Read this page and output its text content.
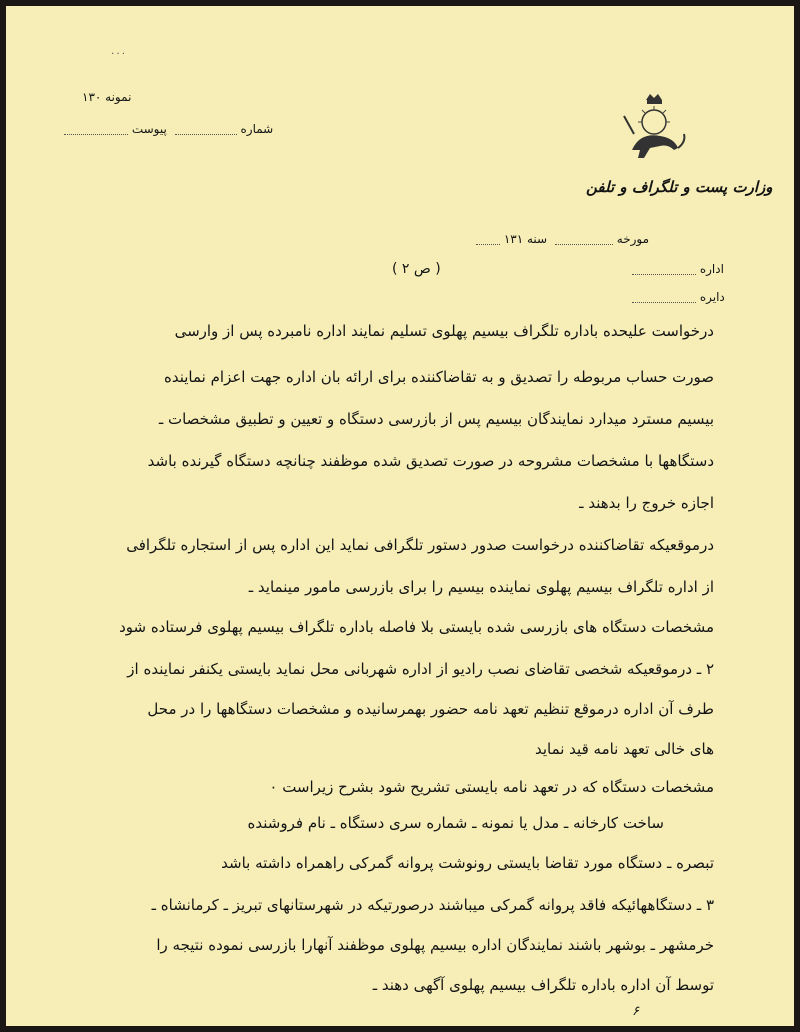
۰۰۰
نمونه ۱۳۰
شماره  پیوست
وزارت پست و تلگراف و تلفن
مورخه  سنه ۱۳۱
اداره
دایره
( ص ۲ )
درخواست علیحده باداره تلگراف بیسیم پهلوی تسلیم نمایند اداره نامبرده پس از وارسی
صورت حساب مربوطه را تصدیق و به تقاضاکننده برای ارائه بان اداره جهت اعزام نماینده
بیسیم مسترد میدارد نمایندگان بیسیم پس از بازرسی دستگاه و تعیین و تطبیق مشخصات ـ
دستگاهها با مشخصات مشروحه در صورت تصدیق شده موظفند چنانچه دستگاه گیرنده باشد
اجازه خروج را بدهند ـ
درموقعیکه تقاضاکننده درخواست صدور دستور تلگرافی نماید این اداره پس از استجاره تلگرافی
از اداره تلگراف بیسیم پهلوی نماینده بیسیم را برای بازرسی مامور مینماید ـ
مشخصات دستگاه های بازرسی شده بایستی بلا فاصله باداره تلگراف بیسیم پهلوی فرستاده شود
۲ ـ درموقعیکه شخصی تقاضای نصب رادیو از اداره شهربانی محل نماید بایستی یکنفر نماینده از
طرف آن اداره درموقع تنظیم تعهد نامه حضور بهمرسانیده و مشخصات دستگاهها را در محل
های خالی تعهد نامه قید نماید
مشخصات دستگاه که در تعهد نامه بایستی تشریح شود بشرح زیراست ۰
ساخت کارخانه ـ مدل یا نمونه ـ شماره سری دستگاه ـ نام فروشنده
تبصره ـ دستگاه مورد تقاضا بایستی رونوشت پروانه گمرکی راهمراه داشته باشد
۳ ـ دستگاههائیکه فاقد پروانه گمرکی میباشند درصورتیکه در شهرستانهای تبریز ـ کرمانشاه ـ
خرمشهر ـ بوشهر باشند نمایندگان اداره بیسیم پهلوی موظفند آنهارا بازرسی نموده نتیجه را
توسط آن اداره باداره تلگراف بیسیم پهلوی آگهی دهند ـ
۶
